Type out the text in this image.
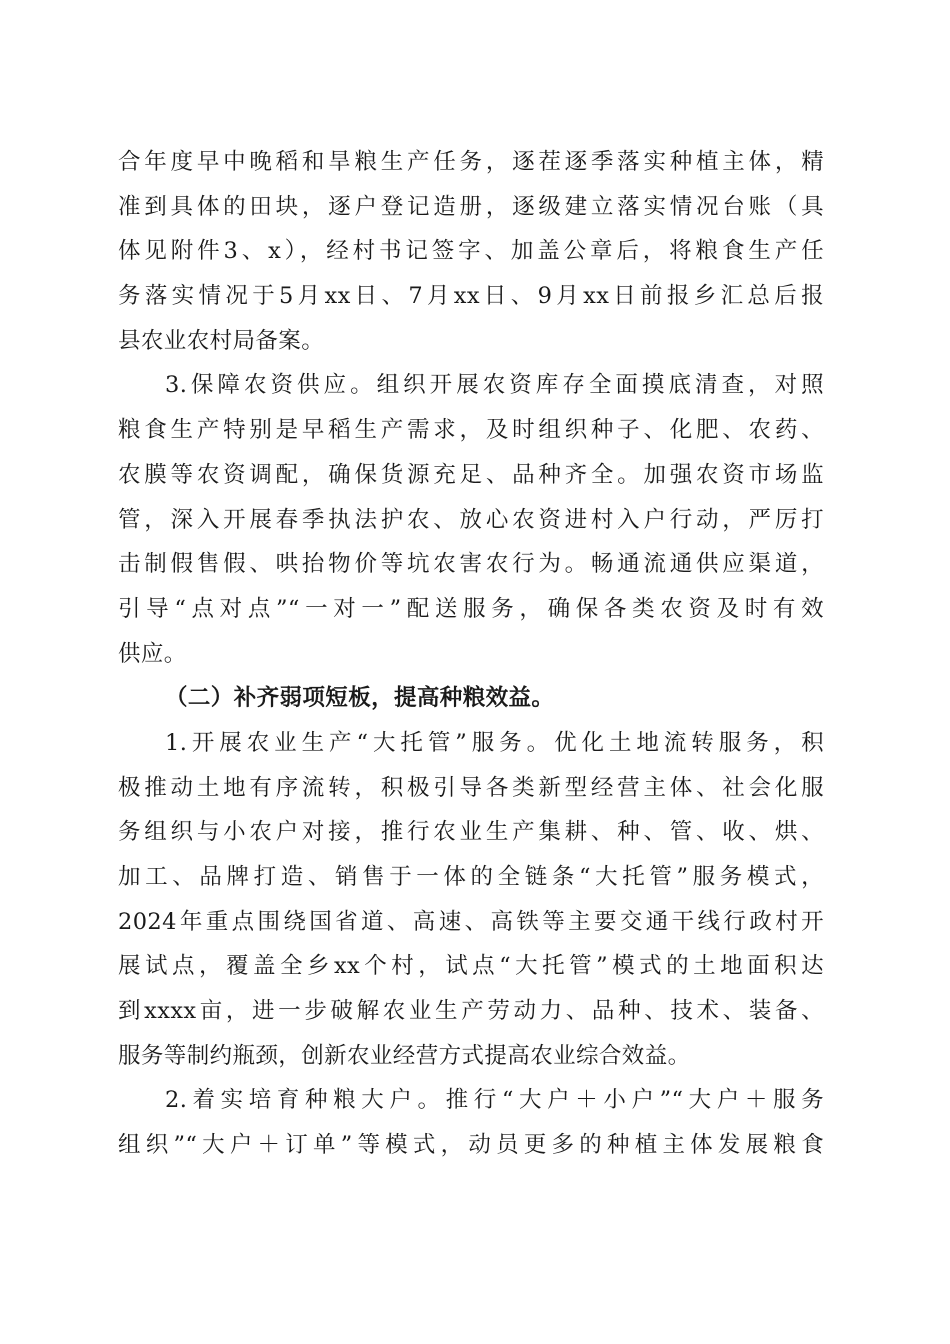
合年度早中晚稻和旱粮生产任务，逐茬逐季落实种植主体，精
准到具体的田块，逐户登记造册，逐级建立落实情况台账（具
体见附件3、x），经村书记签字、加盖公章后，将粮食生产任
务落实情况于5月xx日、7月xx日、9月xx日前报乡汇总后报
县农业农村局备案。
3.保障农资供应。组织开展农资库存全面摸底清查，对照
粮食生产特别是早稻生产需求，及时组织种子、化肥、农药、
农膜等农资调配，确保货源充足、品种齐全。加强农资市场监
管，深入开展春季执法护农、放心农资进村入户行动，严厉打
击制假售假、哄抬物价等坑农害农行为。畅通流通供应渠道，
引导“点对点”“一对一”配送服务，确保各类农资及时有效
供应。
（二）补齐弱项短板，提高种粮效益。
1.开展农业生产“大托管”服务。优化土地流转服务，积
极推动土地有序流转，积极引导各类新型经营主体、社会化服
务组织与小农户对接，推行农业生产集耕、种、管、收、烘、
加工、品牌打造、销售于一体的全链条“大托管”服务模式，
2024年重点围绕国省道、高速、高铁等主要交通干线行政村开
展试点，覆盖全乡xx个村，试点“大托管”模式的土地面积达
到xxxx亩，进一步破解农业生产劳动力、品种、技术、装备、
服务等制约瓶颈，创新农业经营方式提高农业综合效益。
2.着实培育种粮大户。推行“大户＋小户”“大户＋服务
组织”“大户＋订单”等模式，动员更多的种植主体发展粮食
